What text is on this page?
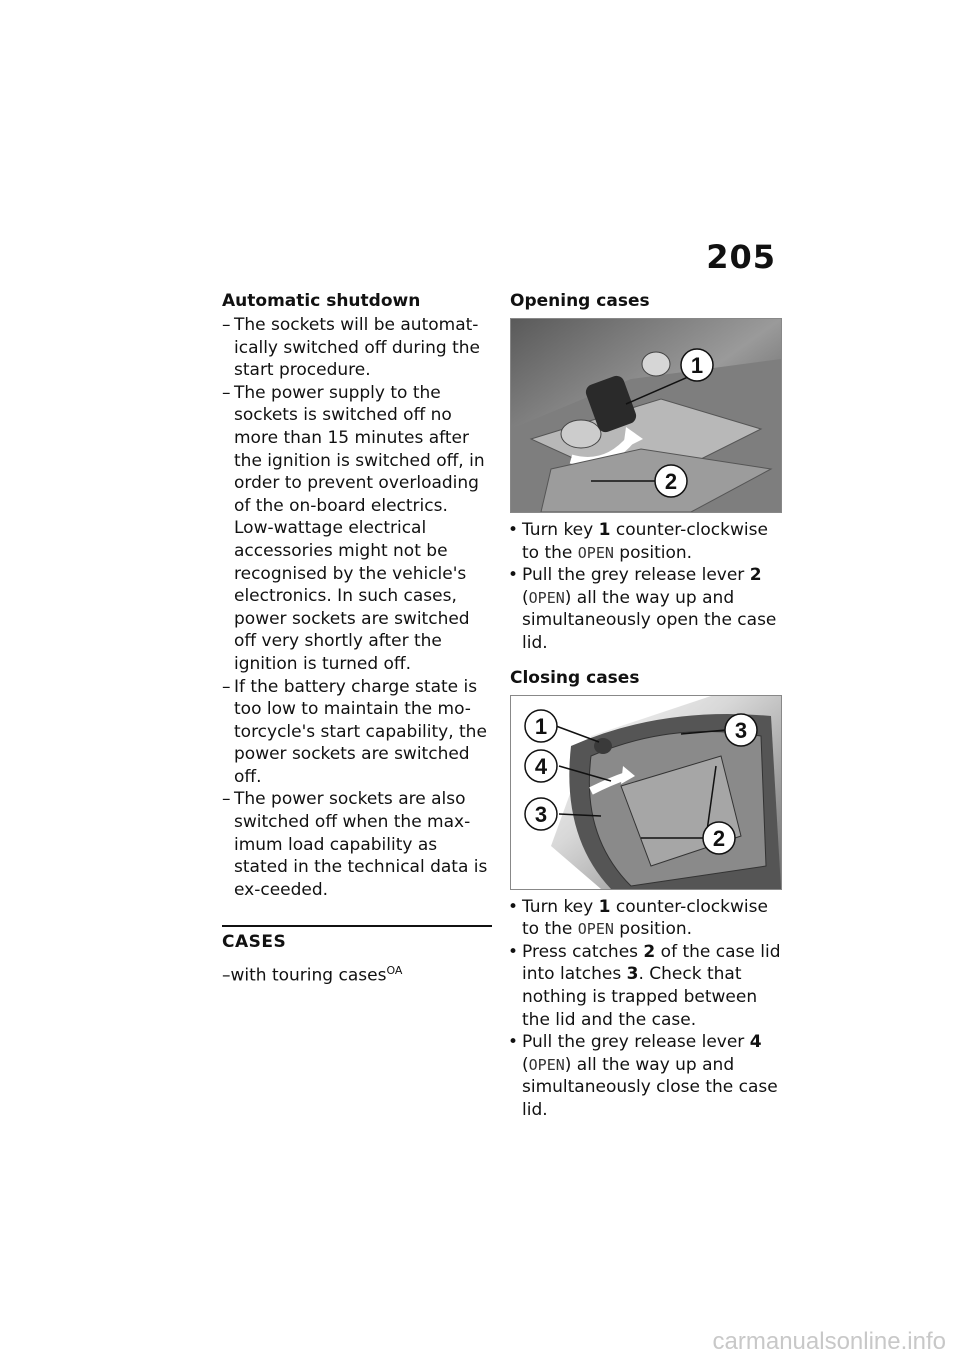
205
Automatic shutdown
– The sockets will be automat-ically switched off during the start procedure.
– The power supply to the sockets is switched off no more than 15 minutes after the ignition is switched off, in order to prevent overloading of the on-board electrics. Low-wattage electrical accessories might not be recognised by the vehicle's electronics. In such cases, power sockets are switched off very shortly after the ignition is turned off.
– If the battery charge state is too low to maintain the mo-torcycle's start capability, the power sockets are switched off.
– The power sockets are also switched off when the max-imum load capability as stated in the technical data is ex-ceeded.
CASES
–with touring cases$^{OA}$
Opening cases
1
2
• Turn key 1 counter-clockwise to the OPEN position.
• Pull the grey release lever 2 (OPEN) all the way up and simultaneously open the case lid.
Closing cases
1
4
3
3
2
• Turn key 1 counter-clockwise to the OPEN position.
• Press catches 2 of the case lid into latches 3. Check that nothing is trapped between the lid and the case.
• Pull the grey release lever 4 (OPEN) all the way up and simultaneously close the case lid.
carmanualsonline.info
